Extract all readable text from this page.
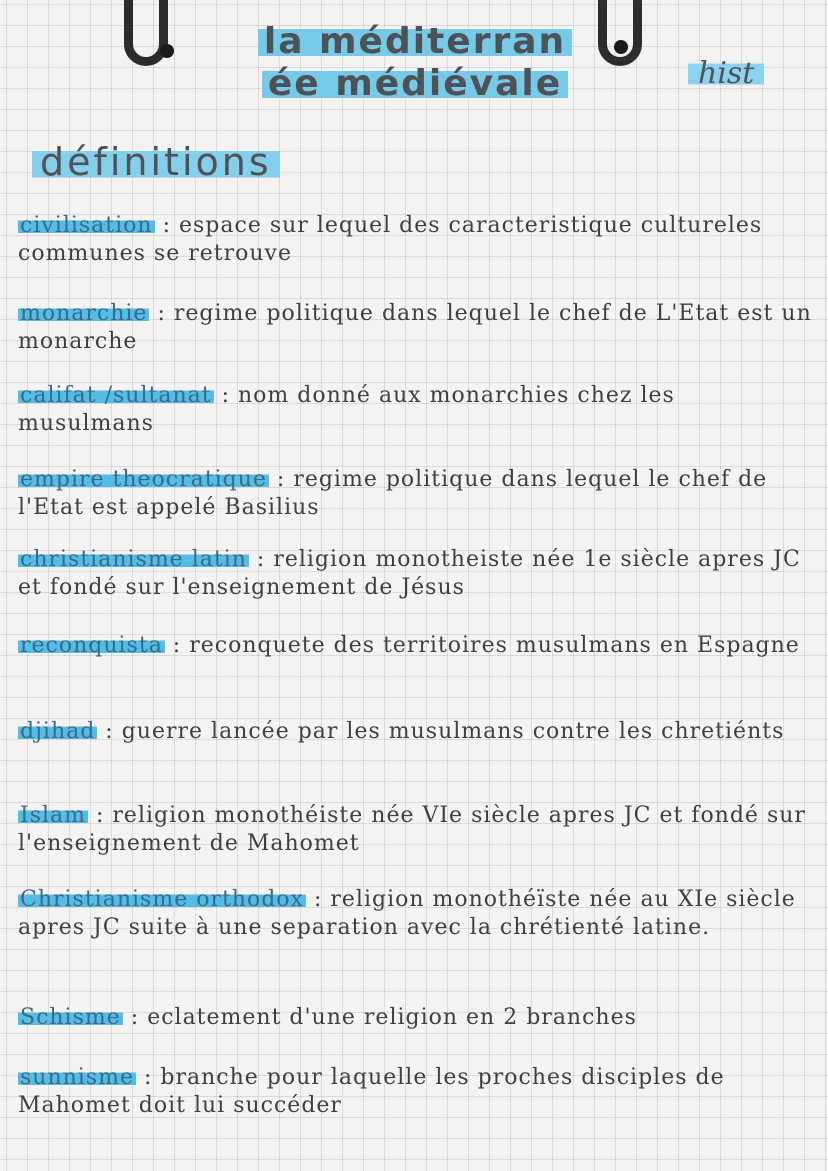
la méditerran
ée médiévale	hist
définitions
civilisation : espace sur lequel des caracteristique cultureles communes se retrouve
monarchie : regime politique dans lequel le chef de L'Etat est un monarche
califat /sultanat : nom donné aux monarchies chez les musulmans
empire theocratique : regime politique dans lequel le chef de l'Etat est appelé Basilius
christianisme latin : religion monotheiste née 1e siècle apres JC et fondé sur l'enseignement de Jésus
reconquista : reconquete des territoires musulmans en Espagne
djihad : guerre lancée par les musulmans contre les chretiénts
Islam : religion monothéiste née VIe siècle apres JC et fondé sur l'enseignement de Mahomet
Christianisme orthodox : religion monothéïste née au XIe siècle apres JC suite à une separation avec la chrétienté latine.
Schisme : eclatement d'une religion en 2 branches
sunnisme : branche pour laquelle les proches disciples de Mahomet doit lui succéder
